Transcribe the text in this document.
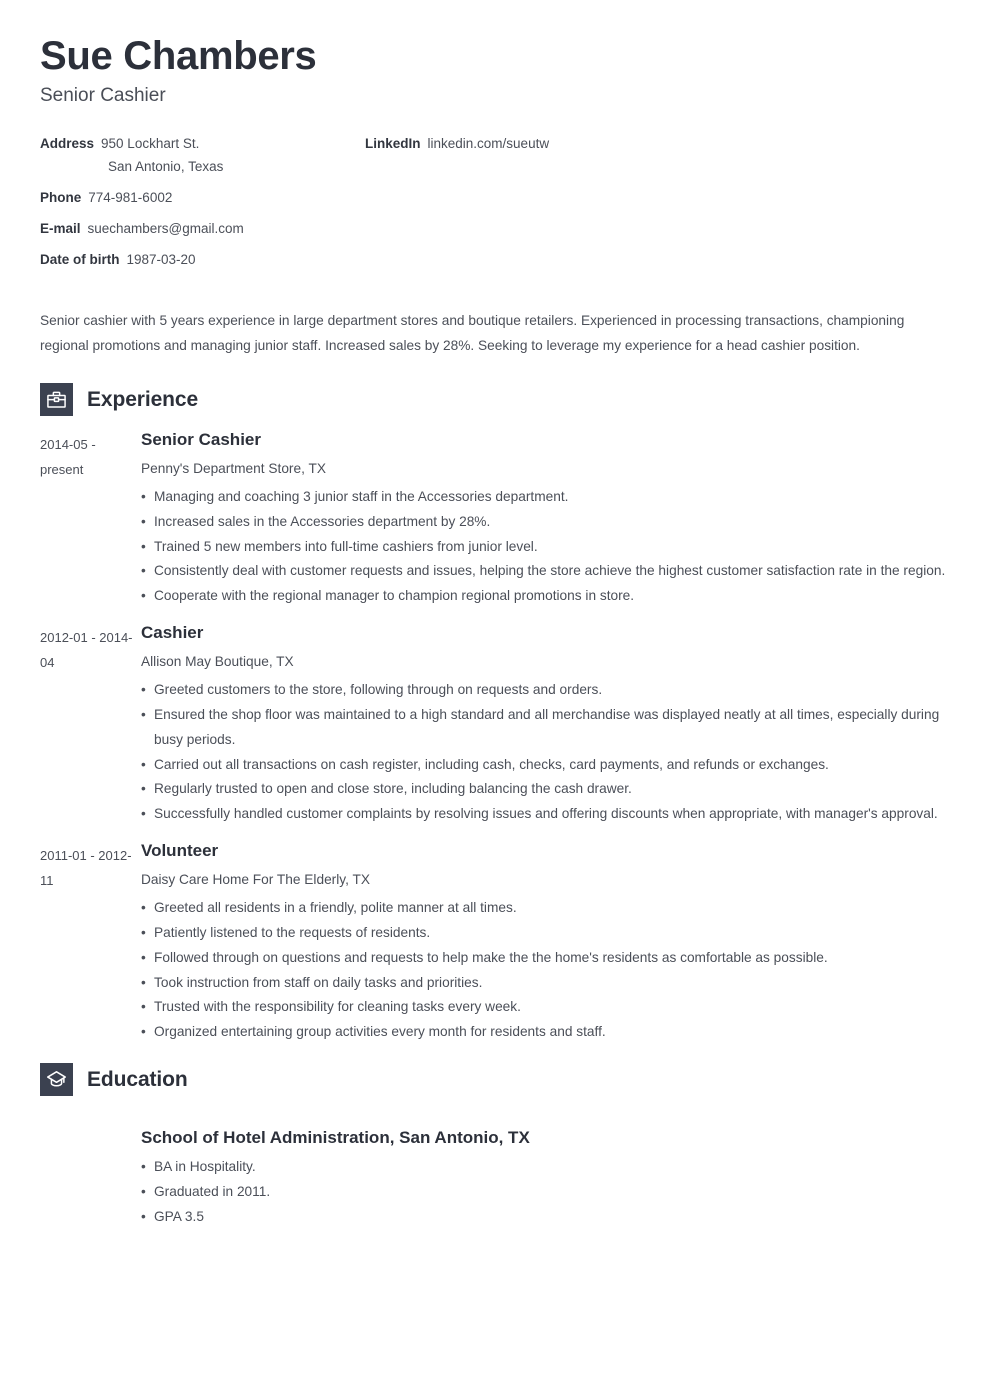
Sue Chambers
Senior Cashier
Address 950 Lockhart St.
San Antonio, Texas
Phone 774-981-6002
E-mail suechambers@gmail.com
Date of birth 1987-03-20
LinkedIn linkedin.com/sueutw

Senior cashier with 5 years experience in large department stores and boutique retailers. Experienced in processing transactions, championing regional promotions and managing junior staff. Increased sales by 28%. Seeking to leverage my experience for a head cashier position.

Experience
2014-05 - present
Senior Cashier
Penny's Department Store, TX
• Managing and coaching 3 junior staff in the Accessories department.
• Increased sales in the Accessories department by 28%.
• Trained 5 new members into full-time cashiers from junior level.
• Consistently deal with customer requests and issues, helping the store achieve the highest customer satisfaction rate in the region.
• Cooperate with the regional manager to champion regional promotions in store.
2012-01 - 2014-04
Cashier
Allison May Boutique, TX
• Greeted customers to the store, following through on requests and orders.
• Ensured the shop floor was maintained to a high standard and all merchandise was displayed neatly at all times, especially during busy periods.
• Carried out all transactions on cash register, including cash, checks, card payments, and refunds or exchanges.
• Regularly trusted to open and close store, including balancing the cash drawer.
• Successfully handled customer complaints by resolving issues and offering discounts when appropriate, with manager's approval.
2011-01 - 2012-11
Volunteer
Daisy Care Home For The Elderly, TX
• Greeted all residents in a friendly, polite manner at all times.
• Patiently listened to the requests of residents.
• Followed through on questions and requests to help make the the home's residents as comfortable as possible.
• Took instruction from staff on daily tasks and priorities.
• Trusted with the responsibility for cleaning tasks every week.
• Organized entertaining group activities every month for residents and staff.
Education
School of Hotel Administration, San Antonio, TX
• BA in Hospitality.
• Graduated in 2011.
• GPA 3.5
